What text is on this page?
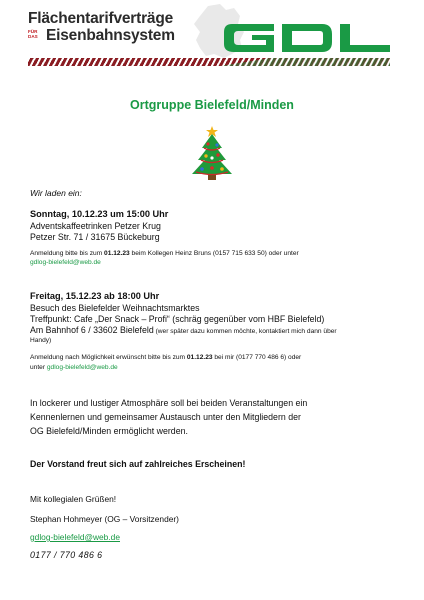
Flächentarifverträge
FÜR
DAS Eisenbahnsystem
Ortgruppe Bielefeld/Minden
Wir laden ein:
Sonntag, 10.12.23 um 15:00 Uhr
Adventskaffeetrinken Petzer Krug
Petzer Str. 71 / 31675 Bückeburg
Anmeldung bitte bis zum 01.12.23 beim Kollegen Heinz Bruns (0157 715 633 50) oder unter
gdlog-bielefeld@web.de
Freitag, 15.12.23 ab 18:00 Uhr
Besuch des Bielefelder Weihnachtsmarktes
Treffpunkt: Cafe „Der Snack – Profi“ (schräg gegenüber vom HBF Bielefeld)
Am Bahnhof 6 / 33602 Bielefeld (wer später dazu kommen möchte, kontaktiert mich dann über
Handy)
Anmeldung nach Möglichkeit erwünscht bitte bis zum 01.12.23 bei mir (0177 770 486 6) oder
unter gdlog-bielefeld@web.de
In lockerer und lustiger Atmosphäre soll bei beiden Veranstaltungen ein
Kennenlernen und gemeinsamer Austausch unter den Mitgliedern der
OG Bielefeld/Minden ermöglicht werden.
Der Vorstand freut sich auf zahlreiches Erscheinen!
Mit kollegialen Grüßen!
Stephan Hohmeyer (OG – Vorsitzender)
gdlog-bielefeld@web.de
0177 / 770 486 6
